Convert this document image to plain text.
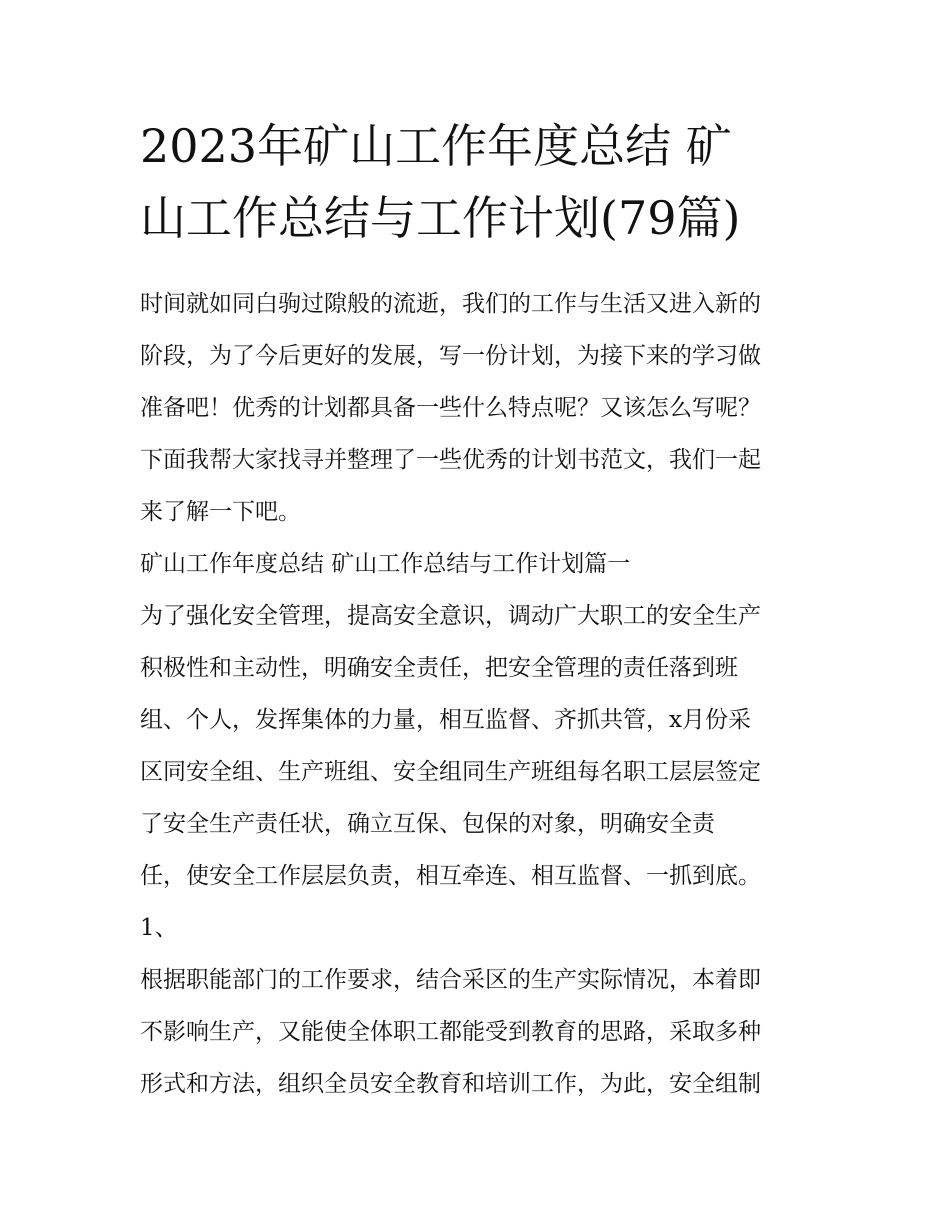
2023年矿山工作年度总结 矿
山工作总结与工作计划(79篇)
时间就如同白驹过隙般的流逝，我们的工作与生活又进入新的
阶段，为了今后更好的发展，写一份计划，为接下来的学习做
准备吧！优秀的计划都具备一些什么特点呢？又该怎么写呢？
下面我帮大家找寻并整理了一些优秀的计划书范文，我们一起
来了解一下吧。
矿山工作年度总结 矿山工作总结与工作计划篇一
为了强化安全管理，提高安全意识，调动广大职工的安全生产
积极性和主动性，明确安全责任，把安全管理的责任落到班
组、个人，发挥集体的力量，相互监督、齐抓共管，x月份采
区同安全组、生产班组、安全组同生产班组每名职工层层签定
了安全生产责任状，确立互保、包保的对象，明确安全责
任，使安全工作层层负责，相互牵连、相互监督、一抓到底。
1、
根据职能部门的工作要求，结合采区的生产实际情况，本着即
不影响生产，又能使全体职工都能受到教育的思路，采取多种
形式和方法，组织全员安全教育和培训工作，为此，安全组制
